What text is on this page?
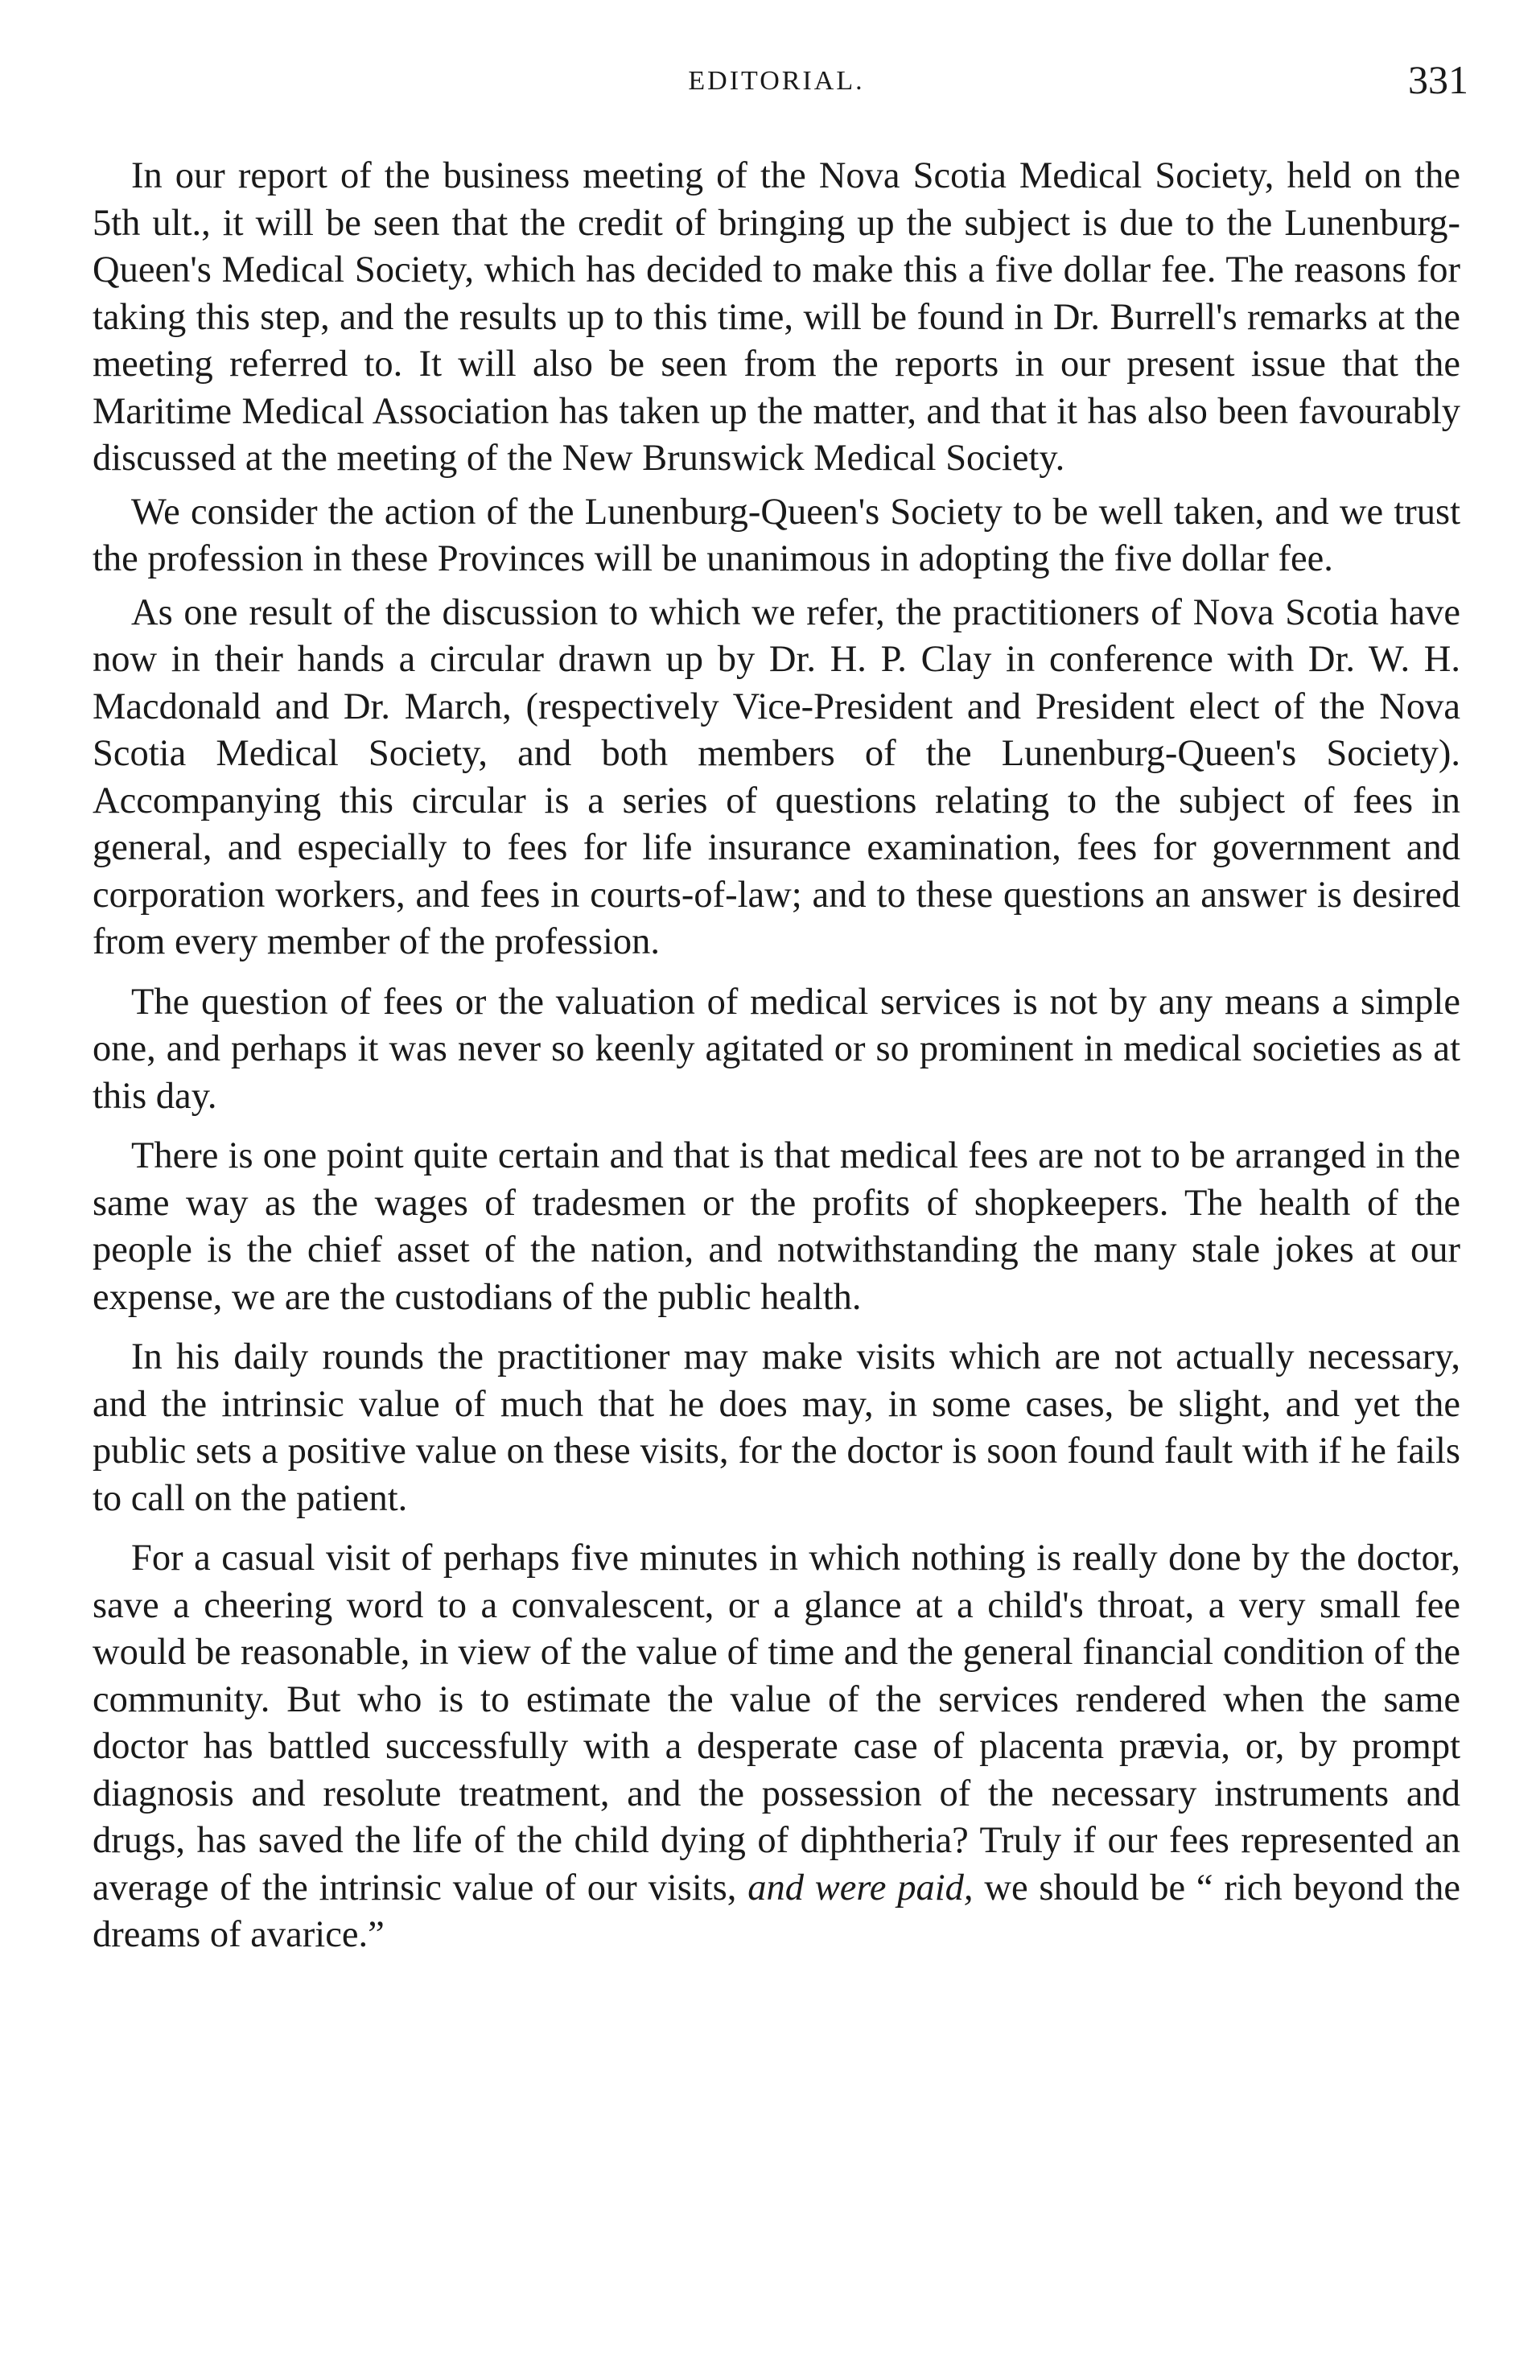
EDITORIAL.	331

In our report of the business meeting of the Nova Scotia Medical Society, held on the 5th ult., it will be seen that the credit of bringing up the subject is due to the Lunenburg-Queen's Medical Society, which has decided to make this a five dollar fee. The reasons for taking this step, and the results up to this time, will be found in Dr. Burrell's remarks at the meeting referred to. It will also be seen from the reports in our present issue that the Maritime Medical Association has taken up the matter, and that it has also been favourably discussed at the meeting of the New Brunswick Medical Society.

We consider the action of the Lunenburg-Queen's Society to be well taken, and we trust the profession in these Provinces will be unanimous in adopting the five dollar fee.

As one result of the discussion to which we refer, the practitioners of Nova Scotia have now in their hands a circular drawn up by Dr. H. P. Clay in conference with Dr. W. H. Macdonald and Dr. March, (respectively Vice-President and President elect of the Nova Scotia Medical Society, and both members of the Lunenburg-Queen's Society). Accompanying this circular is a series of questions relating to the subject of fees in general, and especially to fees for life insurance examination, fees for government and corporation workers, and fees in courts-of-law; and to these questions an answer is desired from every member of the profession.

The question of fees or the valuation of medical services is not by any means a simple one, and perhaps it was never so keenly agitated or so prominent in medical societies as at this day.

There is one point quite certain and that is that medical fees are not to be arranged in the same way as the wages of tradesmen or the profits of shopkeepers. The health of the people is the chief asset of the nation, and notwithstanding the many stale jokes at our expense, we are the custodians of the public health.

In his daily rounds the practitioner may make visits which are not actually necessary, and the intrinsic value of much that he does may, in some cases, be slight, and yet the public sets a positive value on these visits, for the doctor is soon found fault with if he fails to call on the patient.

For a casual visit of perhaps five minutes in which nothing is really done by the doctor, save a cheering word to a convalescent, or a glance at a child's throat, a very small fee would be reasonable, in view of the value of time and the general financial condition of the community. But who is to estimate the value of the services rendered when the same doctor has battled successfully with a desperate case of placenta prævia, or, by prompt diagnosis and resolute treatment, and the possession of the necessary instruments and drugs, has saved the life of the child dying of diphtheria? Truly if our fees represented an average of the intrinsic value of our visits, and were paid, we should be “ rich beyond the dreams of avarice.”
